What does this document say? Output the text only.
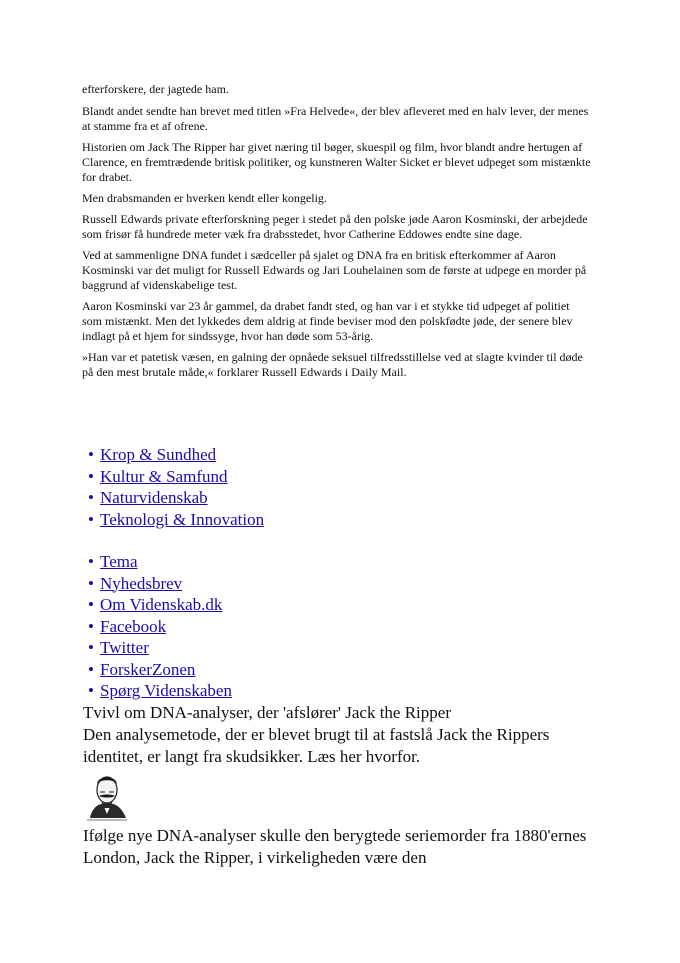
efterforskere, der jagtede ham.

Blandt andet sendte han brevet med titlen »Fra Helvede«, der blev afleveret med en halv lever, der menes at stamme fra et af ofrene.

Historien om Jack The Ripper har givet næring til bøger, skuespil og film, hvor blandt andre hertugen af Clarence, en fremtrædende britisk politiker, og kunstneren Walter Sicket er blevet udpeget som mistænkte for drabet.

Men drabsmanden er hverken kendt eller kongelig.

Russell Edwards private efterforskning peger i stedet på den polske jøde Aaron Kosminski, der arbejdede som frisør få hundrede meter væk fra drabsstedet, hvor Catherine Eddowes endte sine dage.

Ved at sammenligne DNA fundet i sædceller på sjalet og DNA fra en britisk efterkommer af Aaron Kosminski var det muligt for Russell Edwards og Jari Louhelainen som de første at udpege en morder på baggrund af videnskabelige test.

Aaron Kosminski var 23 år gammel, da drabet fandt sted, og han var i et stykke tid udpeget af politiet som mistænkt. Men det lykkedes dem aldrig at finde beviser mod den polskfødte jøde, der senere blev indlagt på et hjem for sindssyge, hvor han døde som 53-årig.

»Han var et patetisk væsen, en galning der opnåede seksuel tilfredsstillelse ved at slagte kvinder til døde på den mest brutale måde,« forklarer Russell Edwards i Daily Mail.

• Krop & Sundhed
• Kultur & Samfund
• Naturvidenskab
• Teknologi & Innovation
• Tema
• Nyhedsbrev
• Om Videnskab.dk
• Facebook
• Twitter
• ForskerZonen
• Spørg Videnskaben
Tvivl om DNA-analyser, der 'afslører' Jack the Ripper
Den analysemetode, der er blevet brugt til at fastslå Jack the Rippers identitet, er langt fra skudsikker. Læs her hvorfor.
Ifølge nye DNA-analyser skulle den berygtede seriemorder fra 1880'ernes London, Jack the Ripper, i virkeligheden være den
